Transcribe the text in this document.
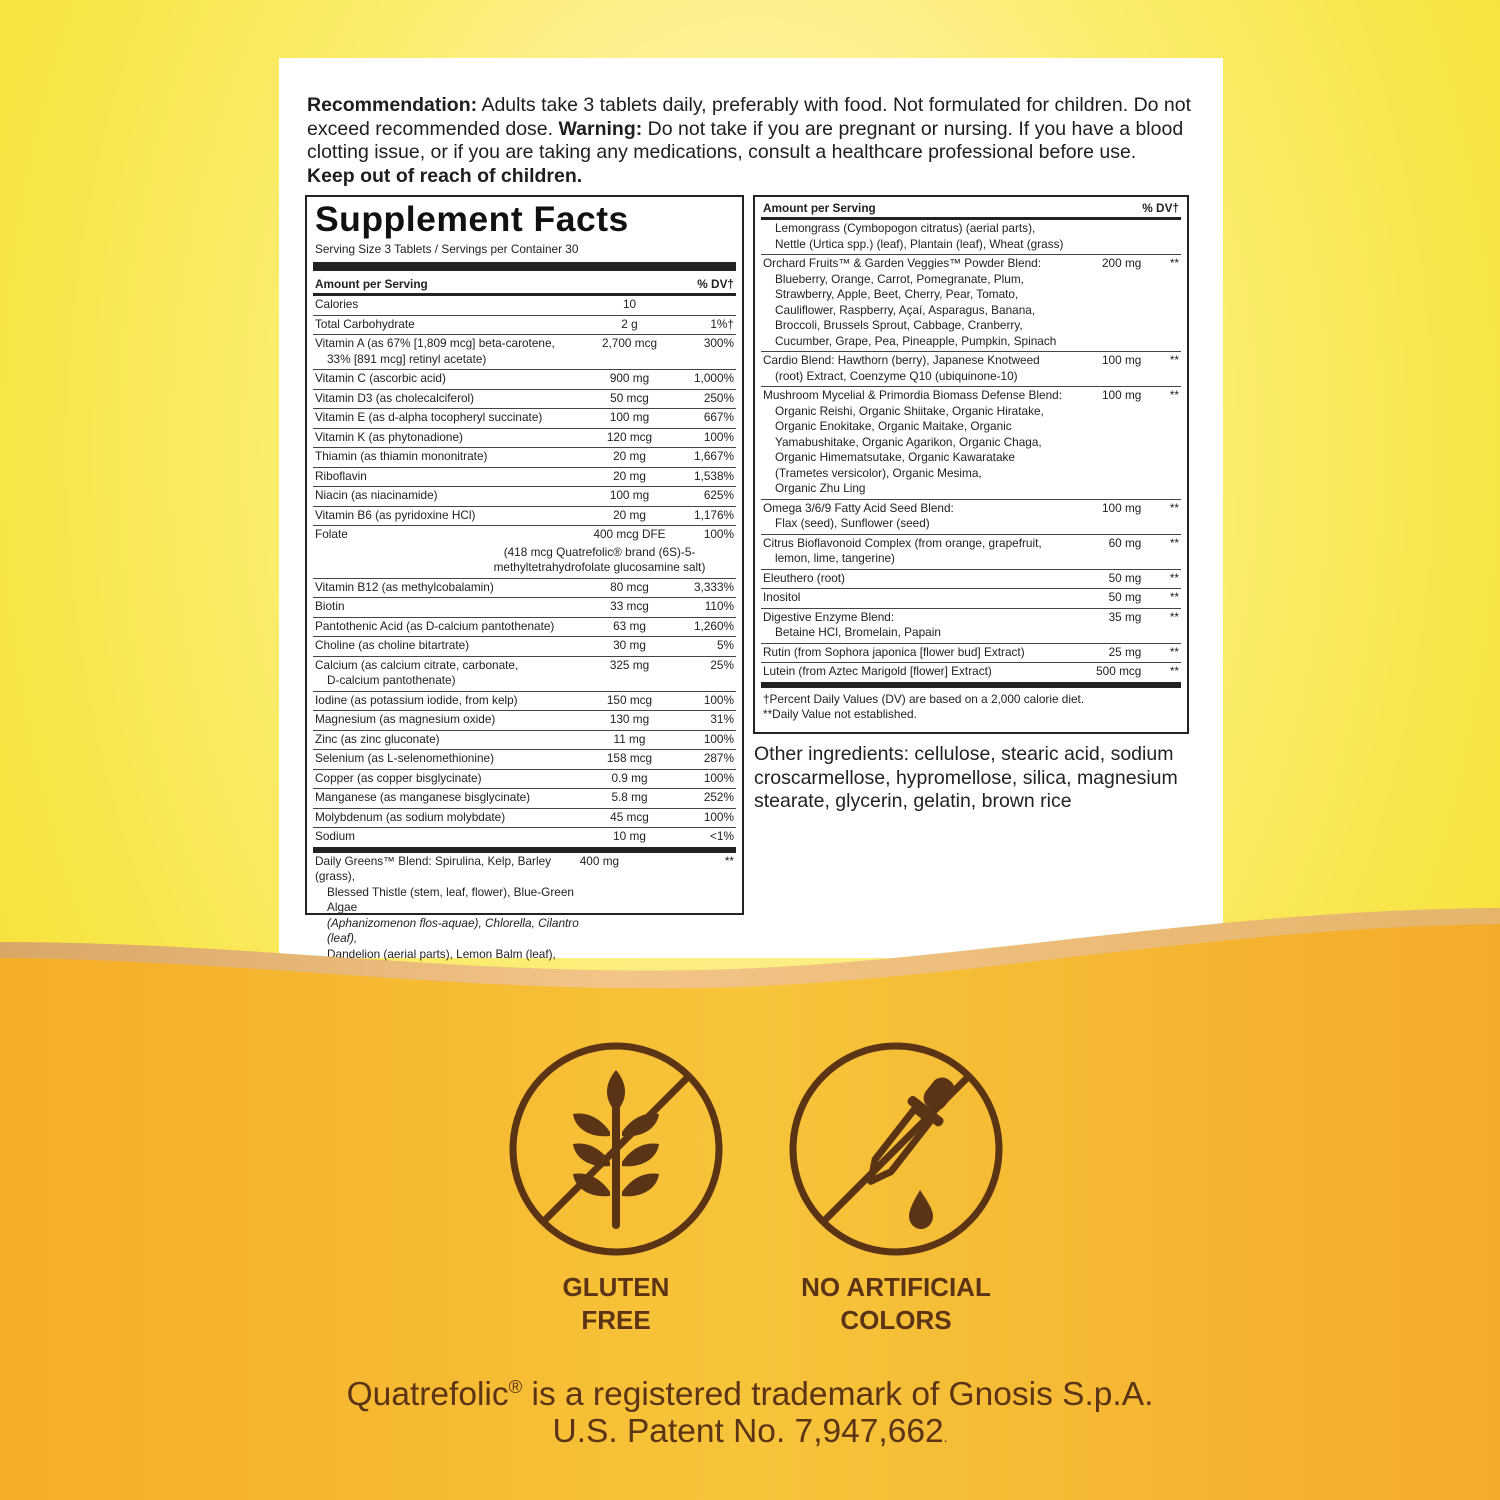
Recommendation: Adults take 3 tablets daily, preferably with food. Not formulated for children. Do not exceed recommended dose. Warning: Do not take if you are pregnant or nursing. If you have a blood clotting issue, or if you are taking any medications, consult a healthcare professional before use.
Keep out of reach of children.
Supplement Facts
Serving Size 3 Tablets / Servings per Container 30
Amount per Serving	% DV†
Calories	10
Total Carbohydrate	2 g	1%†
Vitamin A (as 67% [1,809 mcg] beta-carotene,
33% [891 mcg] retinyl acetate)
2,700 mcg	300%
Vitamin C (ascorbic acid)	900 mg	1,000%
Vitamin D3 (as cholecalciferol)	50 mcg	250%
Vitamin E (as d-alpha tocopheryl succinate)	100 mg	667%
Vitamin K (as phytonadione)	120 mcg	100%
Thiamin (as thiamin mononitrate)	20 mg	1,667%
Riboflavin	20 mg	1,538%
Niacin (as niacinamide)	100 mg	625%
Vitamin B6 (as pyridoxine HCl)	20 mg	1,176%
Folate	400 mcg DFE	100%
(418 mcg Quatrefolic® brand (6S)-5-
methyltetrahydrofolate glucosamine salt)
Vitamin B12 (as methylcobalamin)	80 mcg	3,333%
Biotin	33 mcg	110%
Pantothenic Acid (as D-calcium pantothenate)	63 mg	1,260%
Choline (as choline bitartrate)	30 mg	5%
Calcium (as calcium citrate, carbonate,
D-calcium pantothenate)
325 mg	25%
Iodine (as potassium iodide, from kelp)	150 mcg	100%
Magnesium (as magnesium oxide)	130 mg	31%
Zinc (as zinc gluconate)	11 mg	100%
Selenium (as L-selenomethionine)	158 mcg	287%
Copper (as copper bisglycinate)	0.9 mg	100%
Manganese (as manganese bisglycinate)	5.8 mg	252%
Molybdenum (as sodium molybdate)	45 mcg	100%
Sodium	10 mg	<1%
Daily Greens™ Blend: Spirulina, Kelp, Barley (grass),
Blessed Thistle (stem, leaf, flower), Blue-Green Algae
(Aphanizomenon flos-aquae), Chlorella, Cilantro (leaf),
Dandelion (aerial parts), Lemon Balm (leaf),
400 mg	**
Amount per Serving	% DV†
Lemongrass (Cymbopogon citratus) (aerial parts),
Nettle (Urtica spp.) (leaf), Plantain (leaf), Wheat (grass)
Orchard Fruits™ & Garden Veggies™ Powder Blend:
Blueberry, Orange, Carrot, Pomegranate, Plum,
Strawberry, Apple, Beet, Cherry, Pear, Tomato,
Cauliflower, Raspberry, Açaí, Asparagus, Banana,
Broccoli, Brussels Sprout, Cabbage, Cranberry,
Cucumber, Grape, Pea, Pineapple, Pumpkin, Spinach
200 mg	**
Cardio Blend: Hawthorn (berry), Japanese Knotweed
(root) Extract, Coenzyme Q10 (ubiquinone-10)
100 mg	**
Mushroom Mycelial & Primordia Biomass Defense Blend:
Organic Reishi, Organic Shiitake, Organic Hiratake,
Organic Enokitake, Organic Maitake, Organic
Yamabushitake, Organic Agarikon, Organic Chaga,
Organic Himematsutake, Organic Kawaratake
(Trametes versicolor), Organic Mesima,
Organic Zhu Ling
100 mg	**
Omega 3/6/9 Fatty Acid Seed Blend:
Flax (seed), Sunflower (seed)
100 mg	**
Citrus Bioflavonoid Complex (from orange, grapefruit,
lemon, lime, tangerine)
60 mg	**
Eleuthero (root)	50 mg	**
Inositol	50 mg	**
Digestive Enzyme Blend:
Betaine HCl, Bromelain, Papain
35 mg	**
Rutin (from Sophora japonica [flower bud] Extract)	25 mg	**
Lutein (from Aztec Marigold [flower] Extract)	500 mcg	**
†Percent Daily Values (DV) are based on a 2,000 calorie diet.
**Daily Value not established.
Other ingredients: cellulose, stearic acid, sodium croscarmellose, hypromellose, silica, magnesium stearate, glycerin, gelatin, brown rice
GLUTEN
FREE
NO ARTIFICIAL
COLORS
Quatrefolic® is a registered trademark of Gnosis S.p.A.
U.S. Patent No. 7,947,662.
